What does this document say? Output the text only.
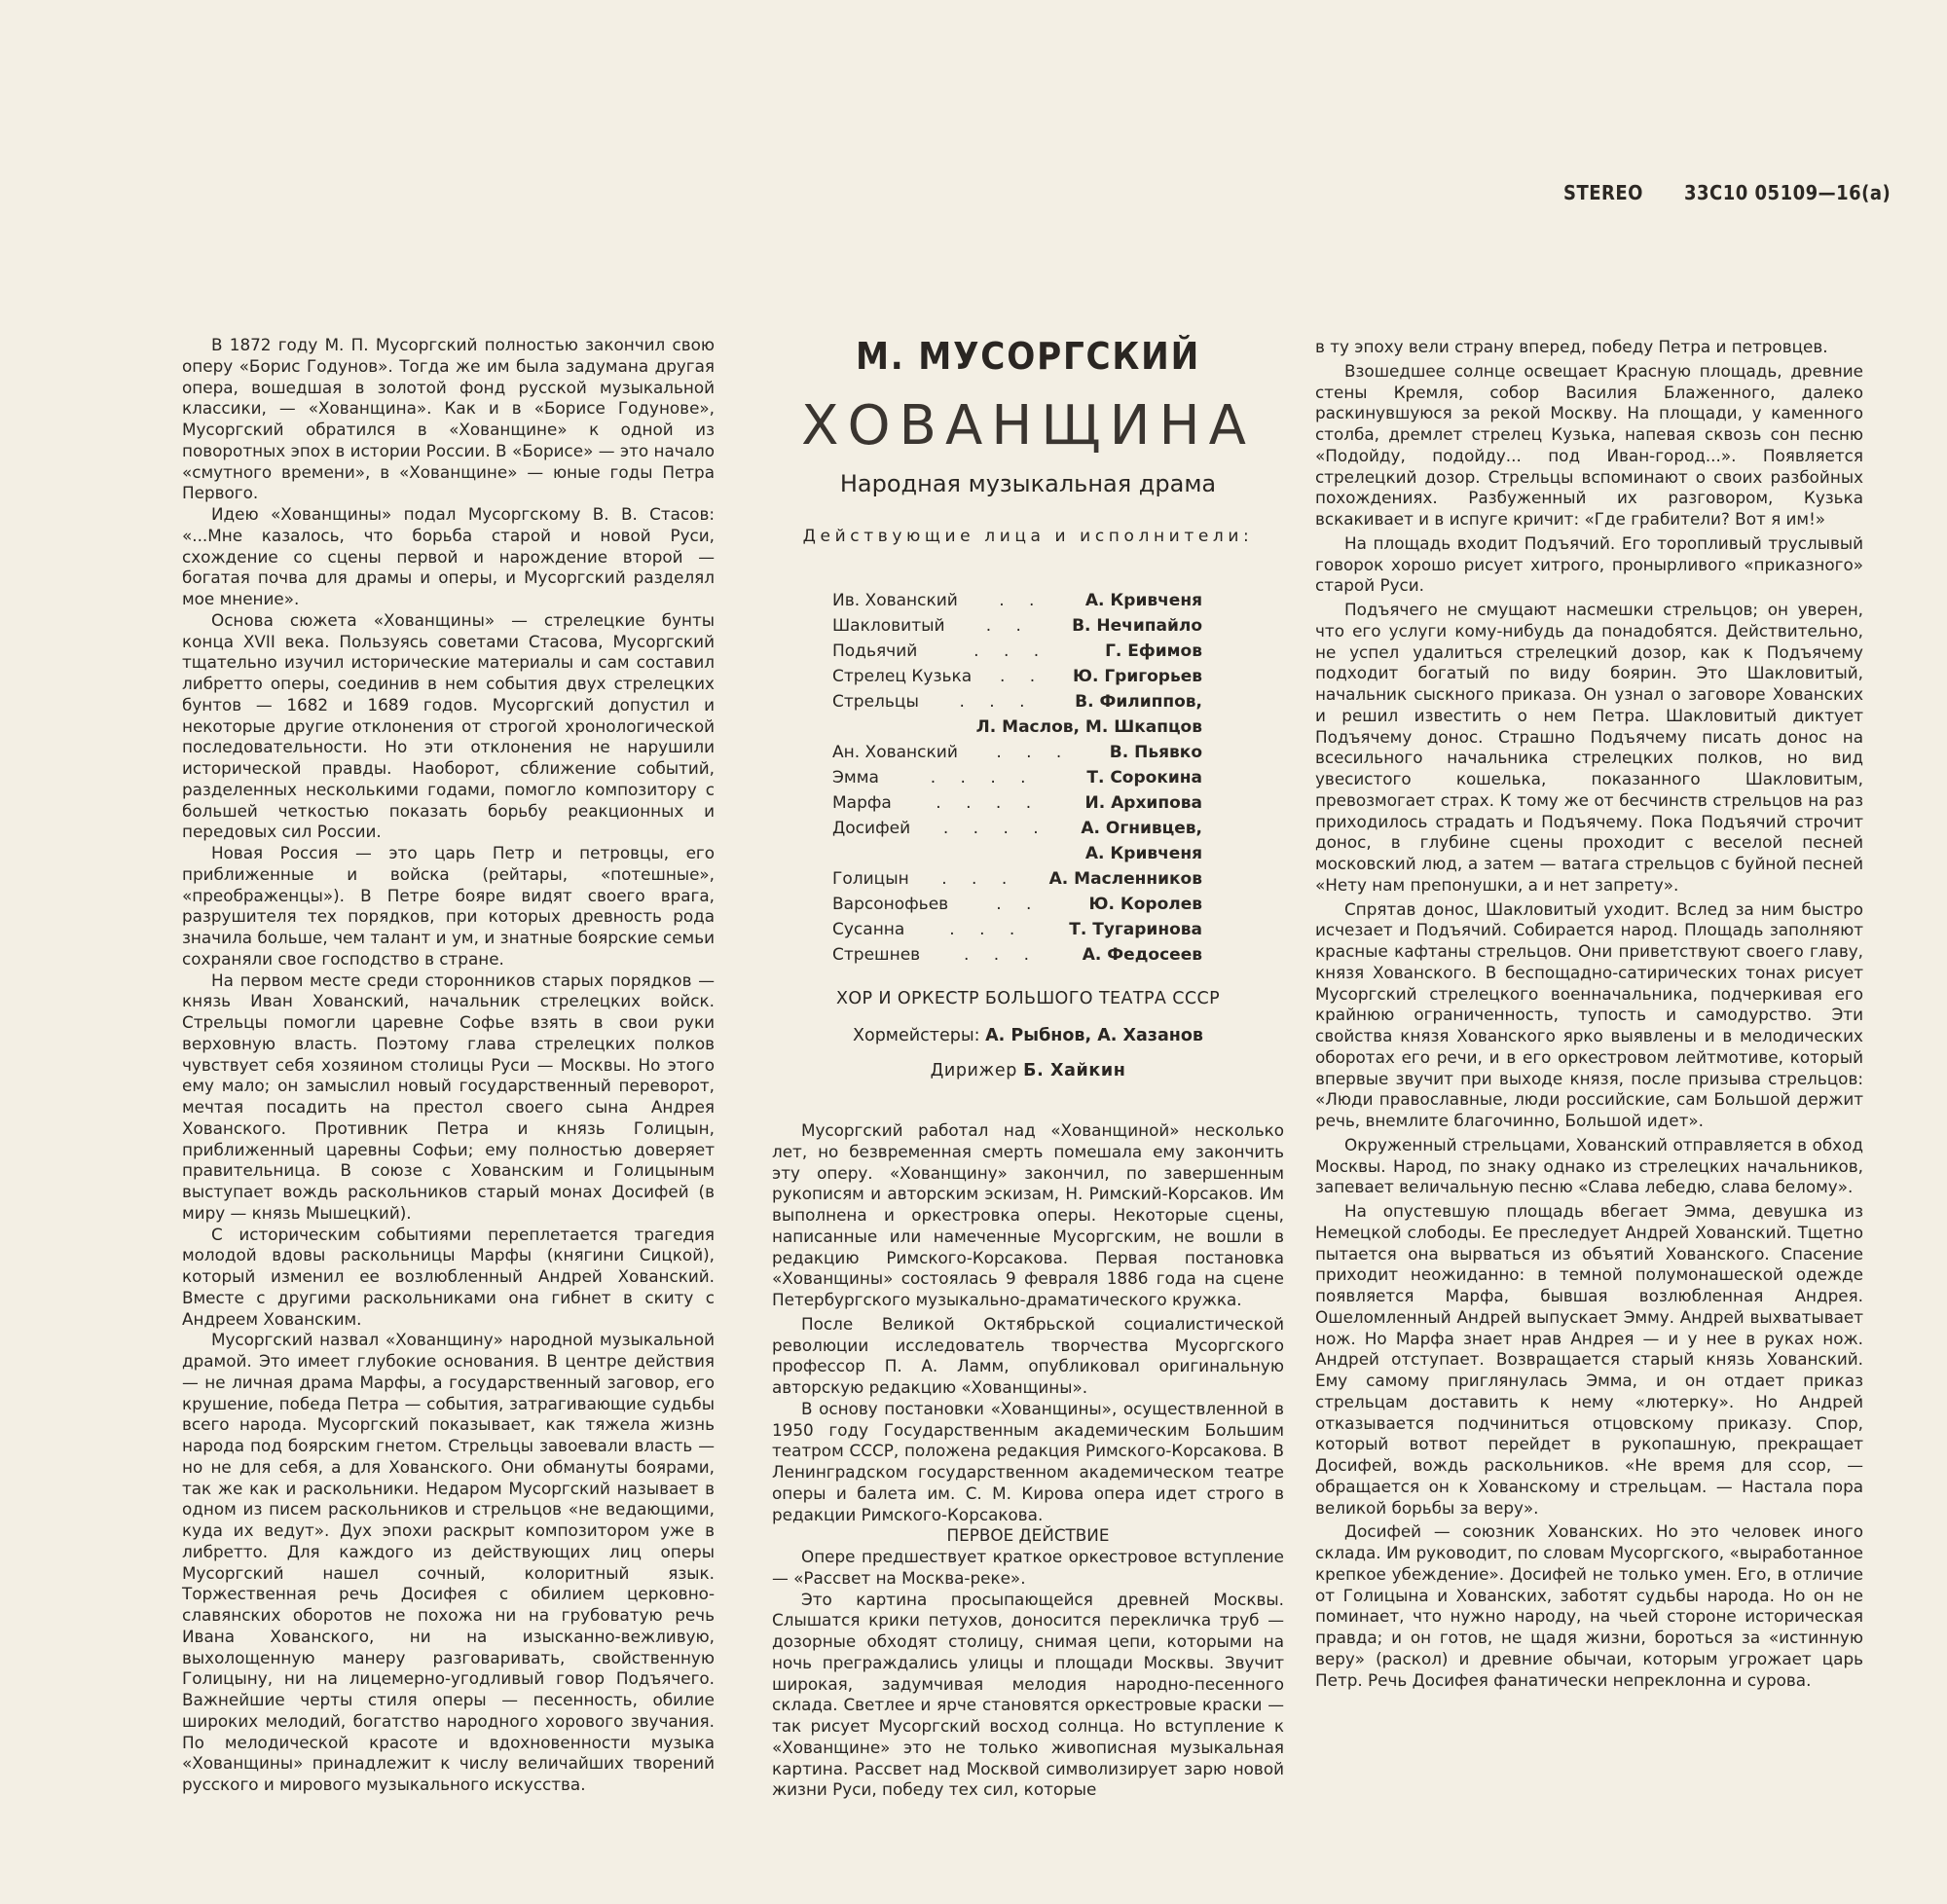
STEREO 33С10 05109—16(а)

В 1872 году М. П. Мусоргский полностью закончил свою оперу «Борис Годунов». Тогда же им была задумана другая опера, вошедшая в золотой фонд русской музыкальной классики, — «Хованщина». Как и в «Борисе Годунове», Мусоргский обратился в «Хованщине» к одной из поворотных эпох в истории России. В «Борисе» — это начало «смутного времени», в «Хованщине» — юные годы Петра Первого.

Идею «Хованщины» подал Мусоргскому В. В. Стасов: «...Мне казалось, что борьба старой и новой Руси, схождение со сцены первой и нарождение второй — богатая почва для драмы и оперы, и Мусоргский разделял мое мнение».

Основа сюжета «Хованщины» — стрелецкие бунты конца XVII века. Пользуясь советами Стасова, Мусоргский тщательно изучил исторические материалы и сам составил либретто оперы, соединив в нем события двух стрелецких бунтов — 1682 и 1689 годов. Мусоргский допустил и некоторые другие отклонения от строгой хронологической последовательности. Но эти отклонения не нарушили исторической правды. Наоборот, сближение событий, разделенных несколькими годами, помогло композитору с большей четкостью показать борьбу реакционных и передовых сил России.

Новая Россия — это царь Петр и петровцы, его приближенные и войска (рейтары, «потешные», «преображенцы»). В Петре бояре видят своего врага, разрушителя тех порядков, при которых древность рода значила больше, чем талант и ум, и знатные боярские семьи сохраняли свое господство в стране.

На первом месте среди сторонников старых порядков — князь Иван Хованский, начальник стрелецких войск. Стрельцы помогли царевне Софье взять в свои руки верховную власть. Поэтому глава стрелецких полков чувствует себя хозяином столицы Руси — Москвы. Но этого ему мало; он замыслил новый государственный переворот, мечтая посадить на престол своего сына Андрея Хованского. Противник Петра и князь Голицын, приближенный царевны Софьи; ему полностью доверяет правительница. В союзе с Хованским и Голицыным выступает вождь раскольников старый монах Досифей (в миру — князь Мышецкий).

С историческим событиями переплетается трагедия молодой вдовы раскольницы Марфы (княгини Сицкой), который изменил ее возлюбленный Андрей Хованский. Вместе с другими раскольниками она гибнет в скиту с Андреем Хованским.

Мусоргский назвал «Хованщину» народной музыкальной драмой. Это имеет глубокие основания. В центре действия — не личная драма Марфы, а государственный заговор, его крушение, победа Петра — события, затрагивающие судьбы всего народа. Мусоргский показывает, как тяжела жизнь народа под боярским гнетом. Стрельцы завоевали власть — но не для себя, а для Хованского. Они обмануты боярами, так же как и раскольники. Недаром Мусоргский называет в одном из писем раскольников и стрельцов «не ведающими, куда их ведут». Дух эпохи раскрыт композитором уже в либретто. Для каждого из действующих лиц оперы Мусоргский нашел сочный, колоритный язык. Торжественная речь Досифея с обилием церковно-славянских оборотов не похожа ни на грубоватую речь Ивана Хованского, ни на изысканно-вежливую, выхолощенную манеру разговаривать, свойственную Голицыну, ни на лицемерно-угодливый говор Подъячего. Важнейшие черты стиля оперы — песенность, обилие широких мелодий, богатство народного хорового звучания. По мелодической красоте и вдохновенности музыка «Хованщины» принадлежит к числу величайших творений русского и мирового музыкального искусства.

М. МУСОРГСКИЙ
ХОВАНЩИНА
Народная музыкальная драма
Действующие лица и исполнители:
Ив. Хованский	. .	А. Кривченя
Шакловитый	. .	В. Нечипайло
Подьячий	. . .	Г. Ефимов
Стрелец Кузька	. .	Ю. Григорьев
Стрельцы	. . .	В. Филиппов,
Л. Маслов, М. Шкапцов
Ан. Хованский	. . .	В. Пьявко
Эмма	. . . .	Т. Сорокина
Марфа	. . . .	И. Архипова
Досифей	. . . .	А. Огнивцев,
А. Кривченя
Голицын	. . .	А. Масленников
Варсонофьев	. .	Ю. Королев
Сусанна	. . .	Т. Тугаринова
Стрешнев	. . .	А. Федосеев
ХОР И ОРКЕСТР БОЛЬШОГО ТЕАТРА СССР
Хормейстеры: А. Рыбнов, А. Хазанов
Дирижер Б. Хайкин

Мусоргский работал над «Хованщиной» несколько лет, но безвременная смерть помешала ему закончить эту оперу. «Хованщину» закончил, по завершенным рукописям и авторским эскизам, Н. Римский-Корсаков. Им выполнена и оркестровка оперы. Некоторые сцены, написанные или намеченные Мусоргским, не вошли в редакцию Римского-Корсакова. Первая постановка «Хованщины» состоялась 9 февраля 1886 года на сцене Петербургского музыкально-драматического кружка.

После Великой Октябрьской социалистической революции исследователь творчества Мусоргского профессор П. А. Ламм, опубликовал оригинальную авторскую редакцию «Хованщины».

В основу постановки «Хованщины», осуществленной в 1950 году Государственным академическим Большим театром СССР, положена редакция Римского-Корсакова. В Ленинградском государственном академическом театре оперы и балета им. С. М. Кирова опера идет строго в редакции Римского-Корсакова.

ПЕРВОЕ ДЕЙСТВИЕ

Опере предшествует краткое оркестровое вступление — «Рассвет на Москва-реке».

Это картина просыпающейся древней Москвы. Слышатся крики петухов, доносится перекличка труб — дозорные обходят столицу, снимая цепи, которыми на ночь преграждались улицы и площади Москвы. Звучит широкая, задумчивая мелодия народно-песенного склада. Светлее и ярче становятся оркестровые краски — так рисует Мусоргский восход солнца. Но вступление к «Хованщине» это не только живописная музыкальная картина. Рассвет над Москвой символизирует зарю новой жизни Руси, победу тех сил, которые

в ту эпоху вели страну вперед, победу Петра и петровцев.

Взошедшее солнце освещает Красную площадь, древние стены Кремля, собор Василия Блаженного, далеко раскинувшуюся за рекой Москву. На площади, у каменного столба, дремлет стрелец Кузька, напевая сквозь сон песню «Подойду, подойду... под Иван-город...». Появляется стрелецкий дозор. Стрельцы вспоминают о своих разбойных похождениях. Разбуженный их разговором, Кузька вскакивает и в испуге кричит: «Где грабители? Вот я им!»

На площадь входит Подъячий. Его торопливый труслывый говорок хорошо рисует хитрого, пронырливого «приказного» старой Руси.

Подъячего не смущают насмешки стрельцов; он уверен, что его услуги кому-нибудь да понадобятся. Действительно, не успел удалиться стрелецкий дозор, как к Подъячему подходит богатый по виду боярин. Это Шакловитый, начальник сыскного приказа. Он узнал о заговоре Хованских и решил известить о нем Петра. Шакловитый диктует Подъячему донос. Страшно Подъячему писать донос на всесильного начальника стрелецких полков, но вид увесистого кошелька, показанного Шакловитым, превозмогает страх. К тому же от бесчинств стрельцов на раз приходилось страдать и Подъячему. Пока Подъячий строчит донос, в глубине сцены проходит с веселой песней московский люд, а затем — ватага стрельцов с буйной песней «Нету нам препонушки, а и нет запрету».

Спрятав донос, Шакловитый уходит. Вслед за ним быстро исчезает и Подъячий. Собирается народ. Площадь заполняют красные кафтаны стрельцов. Они приветствуют своего главу, князя Хованского. В беспощадно-сатирических тонах рисует Мусоргский стрелецкого военначальника, подчеркивая его крайнюю ограниченность, тупость и самодурство. Эти свойства князя Хованского ярко выявлены и в мелодических оборотах его речи, и в его оркестровом лейтмотиве, который впервые звучит при выходе князя, после призыва стрельцов: «Люди православные, люди российские, сам Большой держит речь, внемлите благочинно, Большой идет».

Окруженный стрельцами, Хованский отправляется в обход Москвы. Народ, по знаку однако из стрелецких начальников, запевает величальную песню «Слава лебедю, слава белому».

На опустевшую площадь вбегает Эмма, девушка из Немецкой слободы. Ее преследует Андрей Хованский. Тщетно пытается она вырваться из объятий Хованского. Спасение приходит неожиданно: в темной полумонашеской одежде появляется Марфа, бывшая возлюбленная Андрея. Ошеломленный Андрей выпускает Эмму. Андрей выхватывает нож. Но Марфа знает нрав Андрея — и у нее в руках нож. Андрей отступает. Возвращается старый князь Хованский. Ему самому приглянулась Эмма, и он отдает приказ стрельцам доставить к нему «лютерку». Но Андрей отказывается подчиниться отцовскому приказу. Спор, который вотвот перейдет в рукопашную, прекращает Досифей, вождь раскольников. «Не время для ссор, — обращается он к Хованскому и стрельцам. — Настала пора великой борьбы за веру».

Досифей — союзник Хованских. Но это человек иного склада. Им руководит, по словам Мусоргского, «выработанное крепкое убеждение». Досифей не только умен. Его, в отличие от Голицына и Хованских, заботят судьбы народа. Но он не поминает, что нужно народу, на чьей стороне историческая правда; и он готов, не щадя жизни, бороться за «истинную веру» (раскол) и древние обычаи, которым угрожает царь Петр. Речь Досифея фанатически непреклонна и сурова.
